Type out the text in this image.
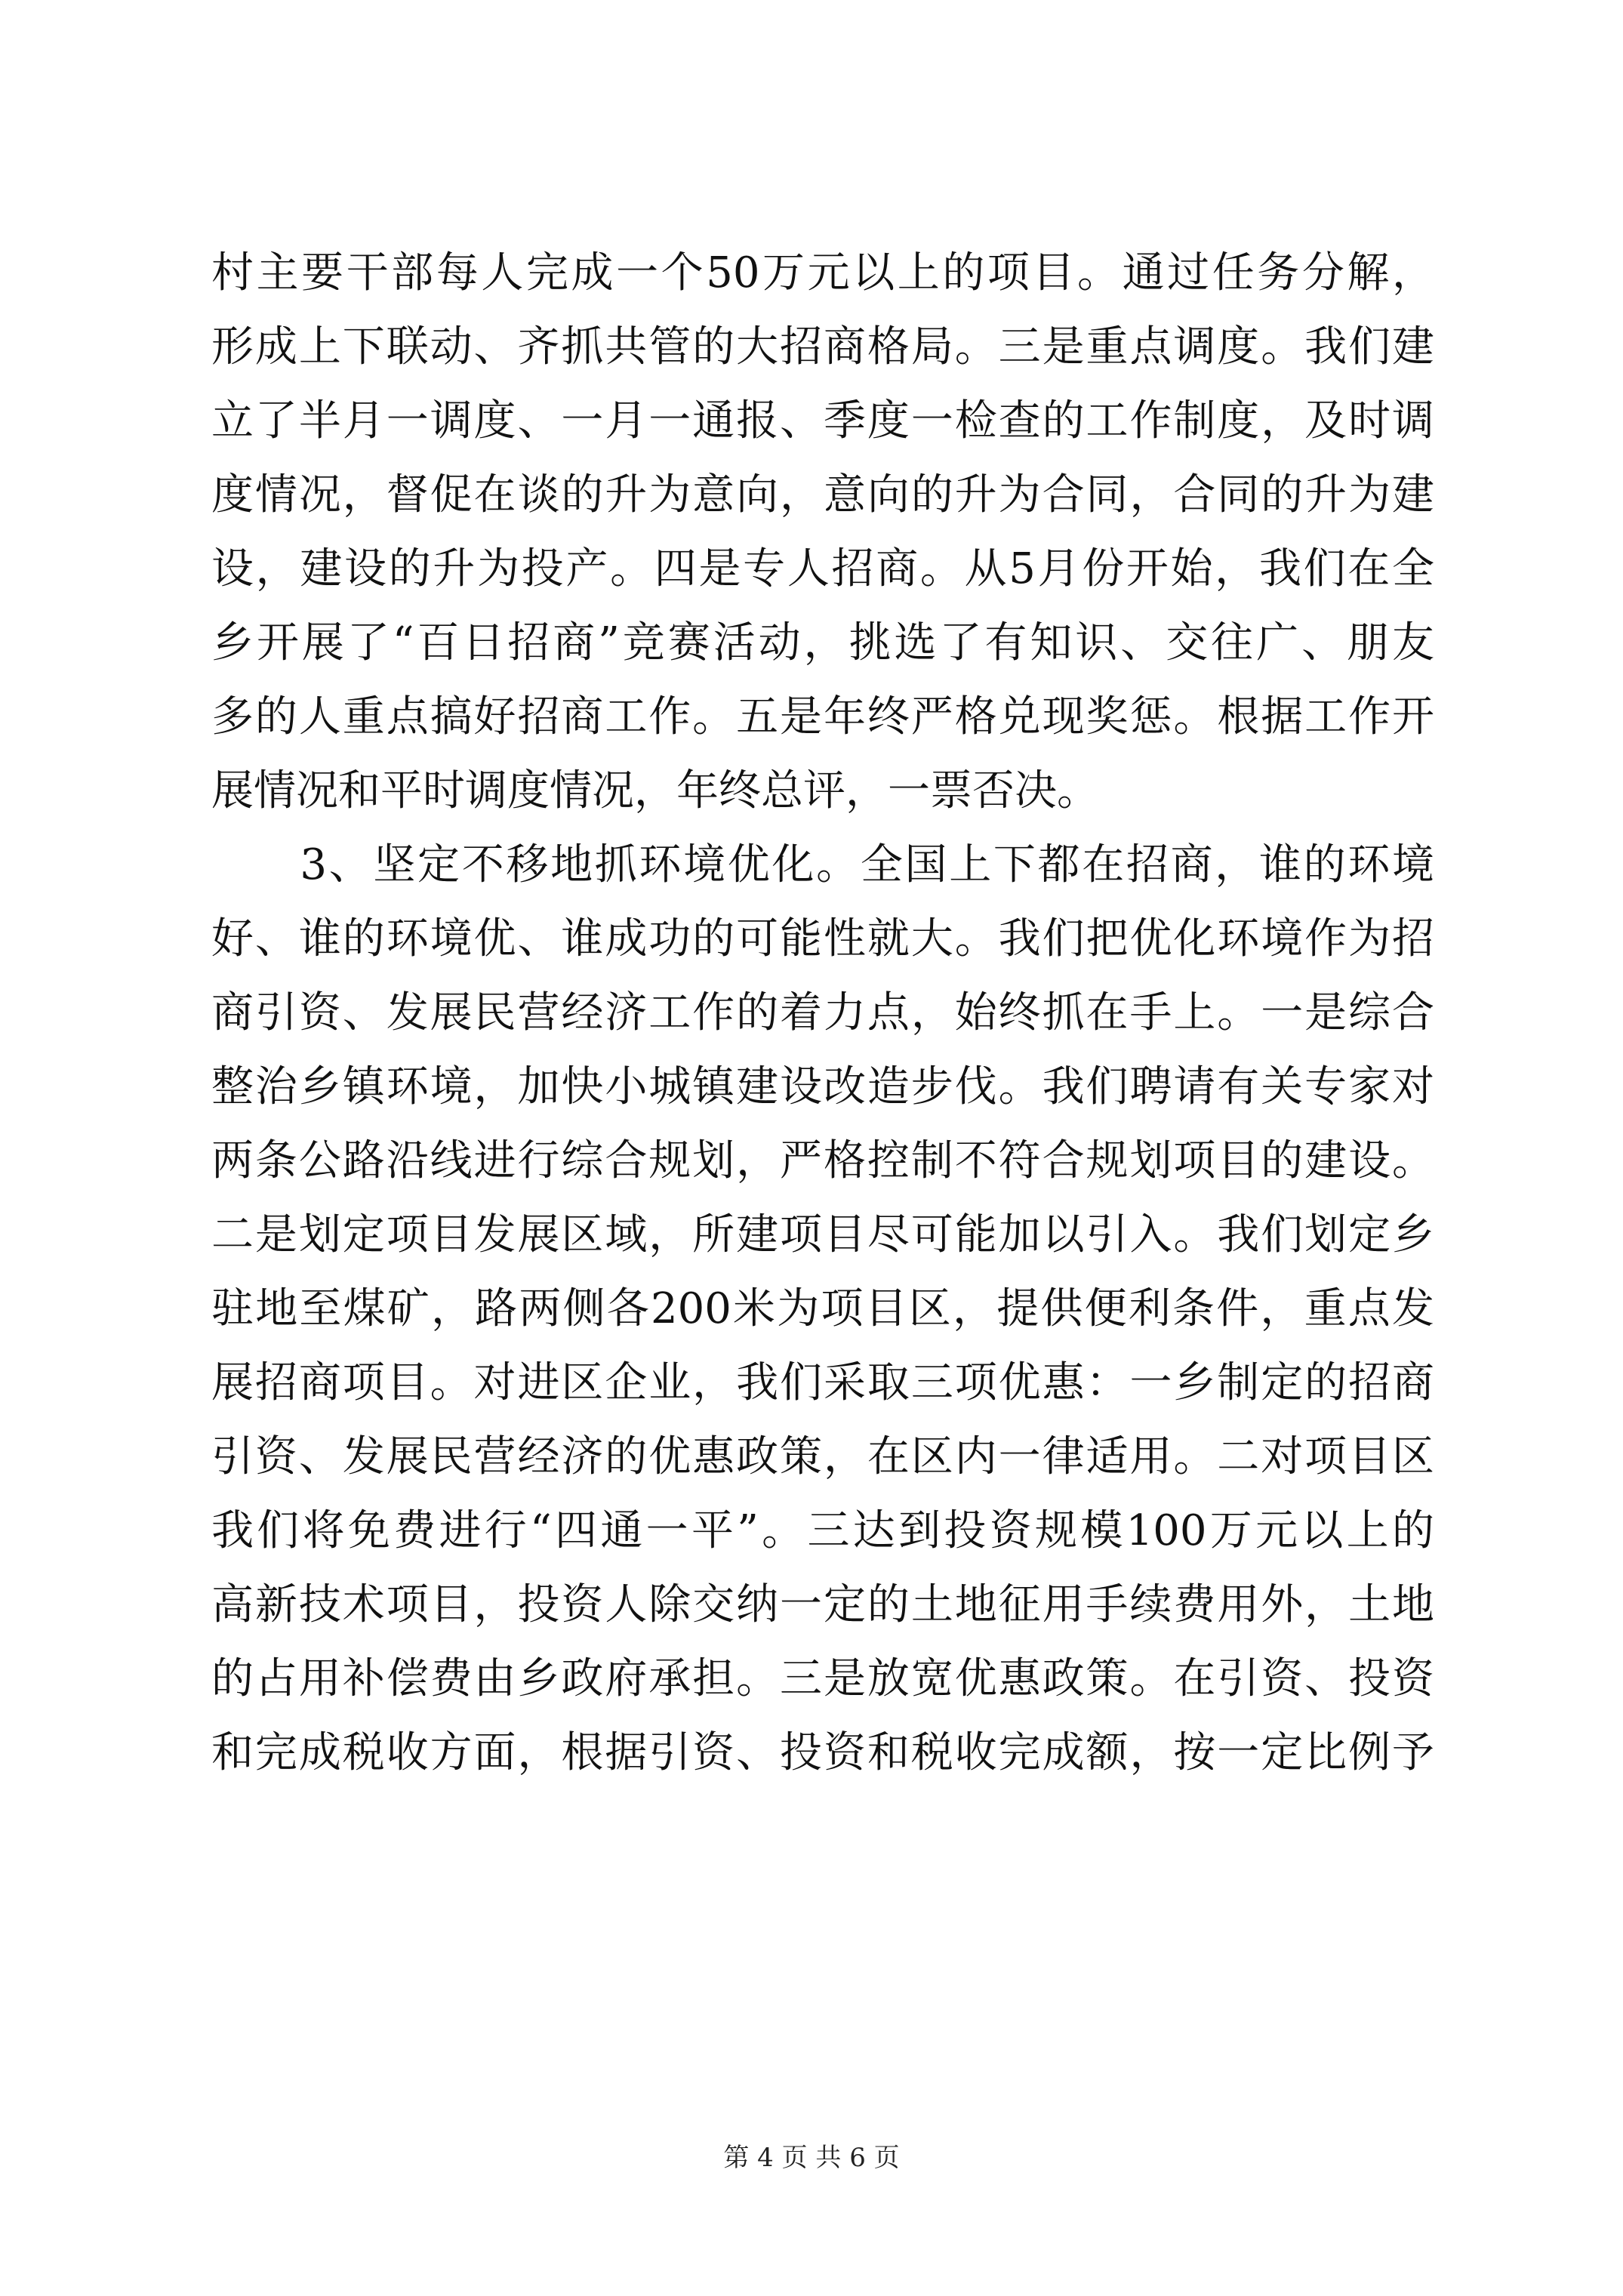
村主要干部每人完成一个50万元以上的项目。通过任务分解，
形成上下联动、齐抓共管的大招商格局。三是重点调度。我们建
立了半月一调度、一月一通报、季度一检查的工作制度，及时调
度情况，督促在谈的升为意向，意向的升为合同，合同的升为建
设，建设的升为投产。四是专人招商。从5月份开始，我们在全
乡开展了“百日招商”竞赛活动，挑选了有知识、交往广、朋友
多的人重点搞好招商工作。五是年终严格兑现奖惩。根据工作开
展情况和平时调度情况，年终总评，一票否决。
　　3、坚定不移地抓环境优化。全国上下都在招商，谁的环境
好、谁的环境优、谁成功的可能性就大。我们把优化环境作为招
商引资、发展民营经济工作的着力点，始终抓在手上。一是综合
整治乡镇环境，加快小城镇建设改造步伐。我们聘请有关专家对
两条公路沿线进行综合规划，严格控制不符合规划项目的建设。
二是划定项目发展区域，所建项目尽可能加以引入。我们划定乡
驻地至煤矿，路两侧各200米为项目区，提供便利条件，重点发
展招商项目。对进区企业，我们采取三项优惠：一乡制定的招商
引资、发展民营经济的优惠政策，在区内一律适用。二对项目区
我们将免费进行“四通一平”。三达到投资规模100万元以上的
高新技术项目，投资人除交纳一定的土地征用手续费用外，土地
的占用补偿费由乡政府承担。三是放宽优惠政策。在引资、投资
和完成税收方面，根据引资、投资和税收完成额，按一定比例予
第 4 页 共 6 页
